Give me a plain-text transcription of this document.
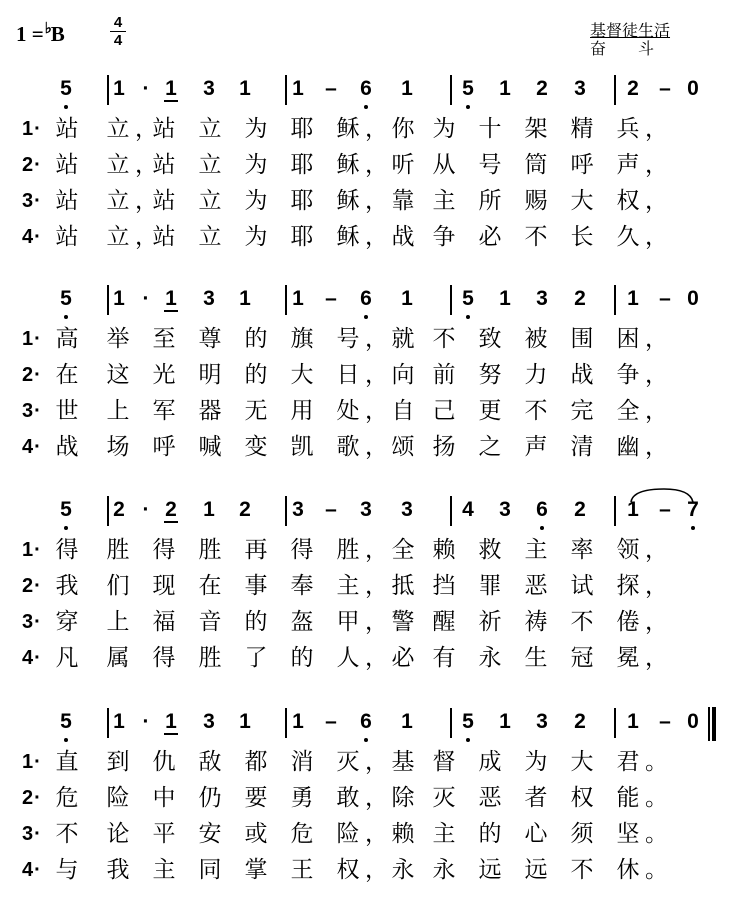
1 =♭B	4
4
基督徒生活
奋　　斗
5	1 · 1	3	1	1	–	6	1	5	1	2	3	2 – 0
1 · 站 立 ，
站 立 为 耶 稣 ， 你 为 十 架 精 兵 ，
2 · 站 立 ，
站 立 为 耶 稣 ， 听 从 号 筒 呼 声 ，
3 · 站 立 ，
站 立 为 耶 稣 ， 靠 主 所 赐 大 权 ，
4 · 站 立 ，
站 立 为 耶 稣 ， 战 争 必 不 长 久 ，
5	1 · 1	3	1	1	–	6	1	5	1	3	2	1 – 0
1 · 高 举 至 尊 的 旗 号 ， 就 不 致 被 围 困 ，
2 · 在 这 光 明 的 大 日 ， 向 前 努 力 战 争 ，
3 · 世 上 军 器 无 用 处 ， 自 己 更 不 完 全 ，
4 · 战 场 呼 喊 变 凯 歌 ， 颂 扬 之 声 清 幽 ，
5	2 · 2	1	2	3	–	3	3	4	3	6	2	1 – 7
1 · 得 胜 得 胜 再 得 胜 ， 全 赖 救 主 率 领 ，
2 · 我 们 现 在 事 奉 主 ， 抵 挡 罪 恶 试 探 ，
3 · 穿 上 福 音 的 盔 甲 ， 警 醒 祈 祷 不 倦 ，
4 · 凡 属 得 胜 了 的 人 ， 必 有 永 生 冠 冕 ，
5	1 · 1	3	1	1	–	6	1	5	1	3	2	1 – 0
1 · 直 到 仇 敌 都 消 灭 ， 基 督 成 为 大 君 。
2 · 危 险 中 仍 要 勇 敢 ， 除 灭 恶 者 权 能 。
3 · 不 论 平 安 或 危 险 ， 赖 主 的 心 须 坚 。
4 · 与 我 主 同 掌 王 权 ， 永 永 远 远 不 休 。
